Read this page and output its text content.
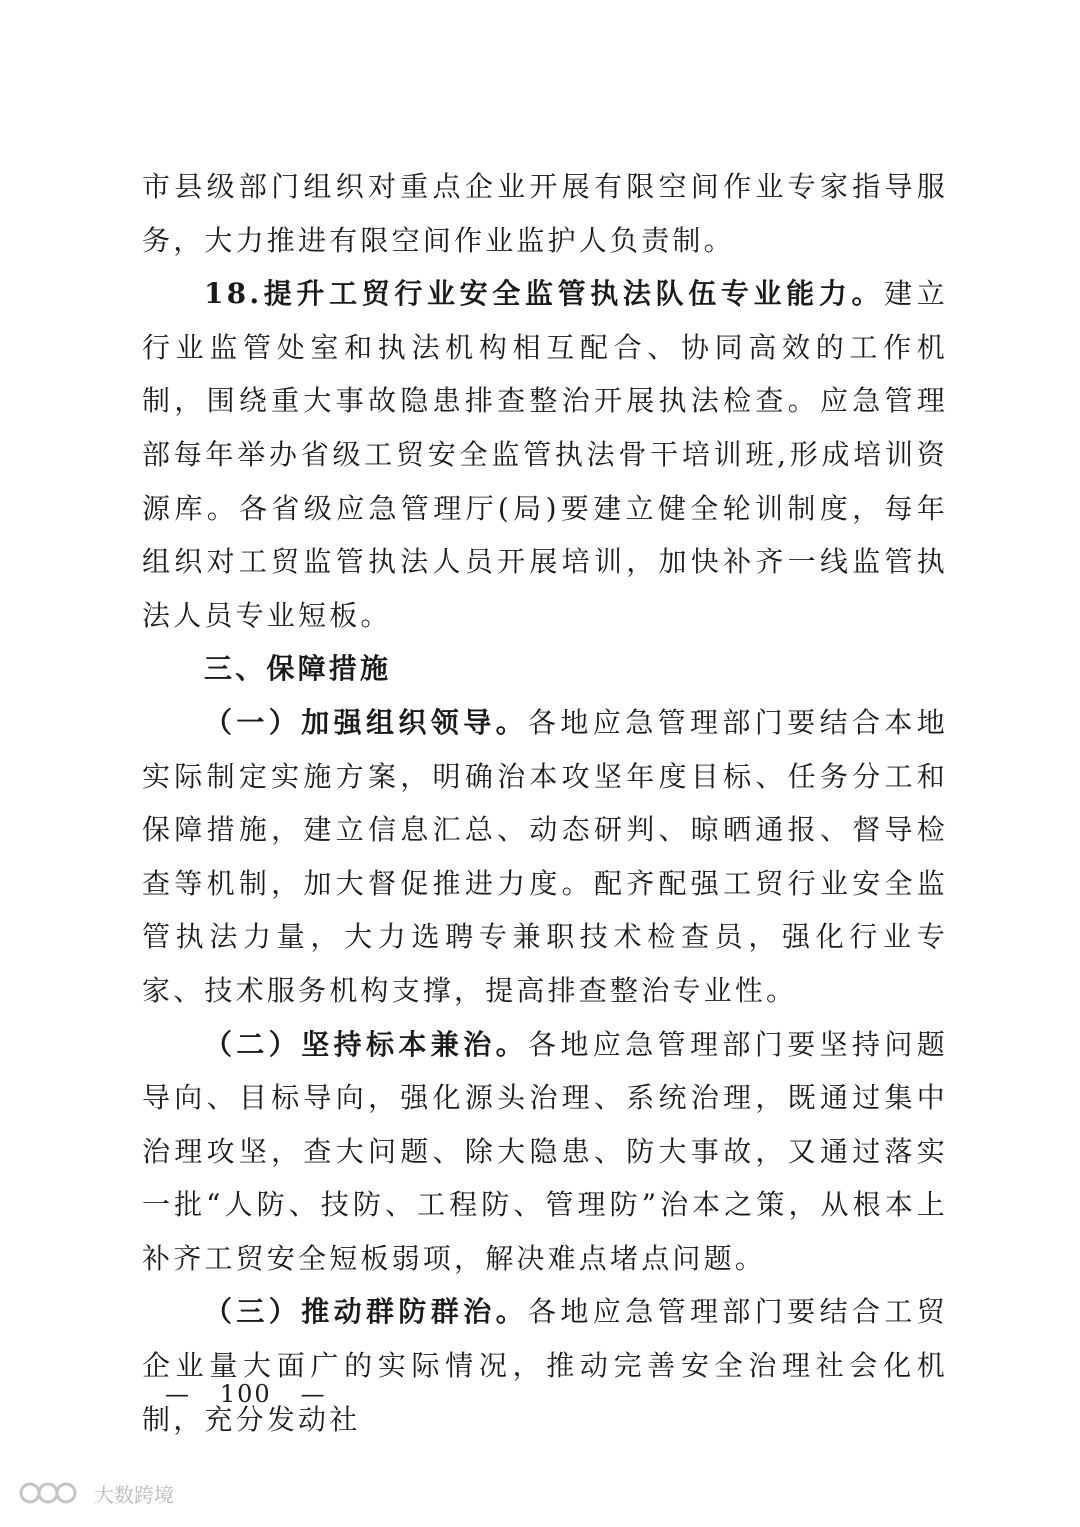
市县级部门组织对重点企业开展有限空间作业专家指导服务，大力推进有限空间作业监护人负责制。

18.提升工贸行业安全监管执法队伍专业能力。建立行业监管处室和执法机构相互配合、协同高效的工作机制，围绕重大事故隐患排查整治开展执法检查。应急管理部每年举办省级工贸安全监管执法骨干培训班,形成培训资源库。各省级应急管理厅(局)要建立健全轮训制度，每年组织对工贸监管执法人员开展培训，加快补齐一线监管执法人员专业短板。

三、保障措施

（一）加强组织领导。各地应急管理部门要结合本地实际制定实施方案，明确治本攻坚年度目标、任务分工和保障措施，建立信息汇总、动态研判、晾晒通报、督导检查等机制，加大督促推进力度。配齐配强工贸行业安全监管执法力量，大力选聘专兼职技术检查员，强化行业专家、技术服务机构支撑，提高排查整治专业性。

（二）坚持标本兼治。各地应急管理部门要坚持问题导向、目标导向，强化源头治理、系统治理，既通过集中治理攻坚，查大问题、除大隐患、防大事故，又通过落实一批“人防、技防、工程防、管理防”治本之策，从根本上补齐工贸安全短板弱项，解决难点堵点问题。

（三）推动群防群治。各地应急管理部门要结合工贸企业量大面广的实际情况，推动完善安全治理社会化机制，充分发动社

—   100   —
大数跨境
